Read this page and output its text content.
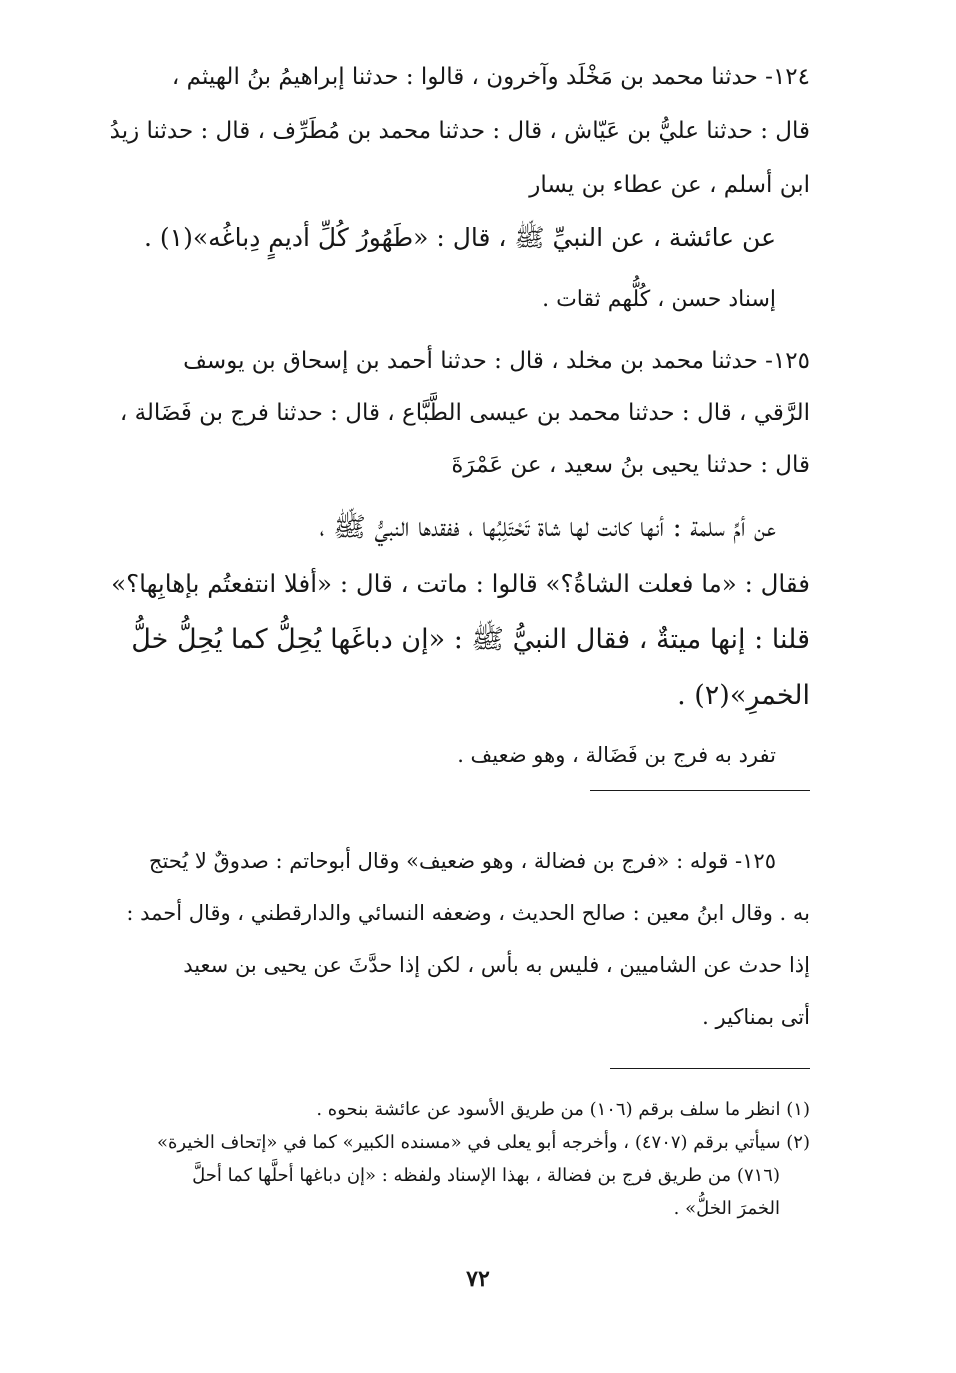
١٢٤- حدثنا محمد بن مَخْلَد وآخرون ، قالوا : حدثنا إبراهيمُ بنُ الهيثم ،
قال : حدثنا عليُّ بن عَيّاش ، قال : حدثنا محمد بن مُطَرِّف ، قال : حدثنا زيدُ
ابن أسلم ، عن عطاء بن يسار
عن عائشة ، عن النبيِّ ﷺ ، قال : «طَهُورُ كُلِّ أديمٍ دِباغُه»(١) .
إسناد حسن ، كُلُّهم ثقات .
١٢٥- حدثنا محمد بن مخلد ، قال : حدثنا أحمد بن إسحاق بن يوسف
الرَّقي ، قال : حدثنا محمد بن عيسى الطَّبَّاع ، قال : حدثنا فرج بن فَضَالة ،
قال : حدثنا يحيى بنُ سعيد ، عن عَمْرَةَ
عن أمِّ سلمة : أنها كانت لها شاة تَحْتَلِبُها ، ففقدها النبيُّ ﷺ ،
فقال : «ما فعلت الشاةُ؟» قالوا : ماتت ، قال : «أفلا انتفعتُم بإهابِها؟»
قلنا : إنها ميتةٌ ، فقال النبيُّ ﷺ : «إن دباغَها يُحِلُّ كما يُحِلُّ خلُّ
الخمرِ»(٢) .
تفرد به فرج بن فَضَالة ، وهو ضعيف .
١٢٥- قوله : «فرج بن فضالة ، وهو ضعيف» وقال أبوحاتم : صدوقٌ لا يُحتج
به . وقال ابنُ معين : صالح الحديث ، وضعفه النسائي والدارقطني ، وقال أحمد :
إذا حدث عن الشاميين ، فليس به بأس ، لكن إذا حدَّثَ عن يحيى بن سعيد
أتى بمناكير .
(١) انظر ما سلف برقم (١٠٦) من طريق الأسود عن عائشة بنحوه .
(٢) سيأتي برقم (٤٧٠٧) ، وأخرجه أبو يعلى في «مسنده الكبير» كما في «إتحاف الخيرة»
(٧١٦) من طريق فرج بن فضالة ، بهذا الإسناد ولفظه : «إن دباغها أحلَّها كما أحلَّ
الخمرَ الخلُّ» .
٧٢
